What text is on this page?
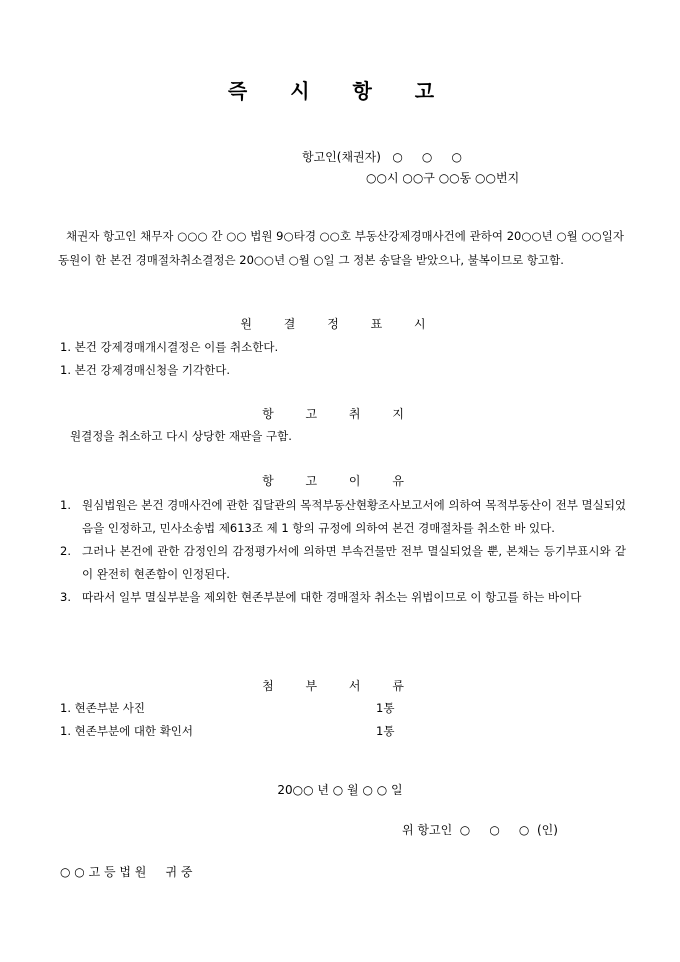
즉 시 항 고
항고인(채권자)   ○     ○     ○
○○시 ○○구 ○○동 ○○번지
채권자 항고인 채무자 ○○○ 간 ○○ 법원 9○타경 ○○호 부동산강제경매사건에 관하여 20○○년 ○월 ○○일자 동원이 한 본건 경매절차취소결정은 20○○년 ○월 ○일 그 정본 송달을 받았으나, 불복이므로 항고함.
원 결 정 표 시
1. 본건 강제경매개시결정은 이를 취소한다.
1. 본건 강제경매신청을 기각한다.
항 고 취 지
원결정을 취소하고 다시 상당한 재판을 구함.
항 고 이 유
1. 원심법원은 본건 경매사건에 관한 집달관의 목적부동산현황조사보고서에 의하여 목적부동산이 전부 멸실되었음을 인정하고, 민사소송법 제613조 제 1 항의 규정에 의하여 본건 경매절차를 취소한 바 있다.
2. 그러나 본건에 관한 감정인의 감정평가서에 의하면 부속건물만 전부 멸실되었을 뿐, 본채는 등기부표시와 같이 완전히 현존함이 인정된다.
3. 따라서 일부 멸실부분을 제외한 현존부분에 대한 경매절차 취소는 위법이므로 이 항고를 하는 바이다
첨 부 서 류
1. 현존부분 사진	1통
1. 현존부분에 대한 확인서	1통
20○○ 년 ○ 월 ○ ○ 일
위 항고인  ○     ○     ○  (인)
○ ○ 고 등 법 원     귀 중
